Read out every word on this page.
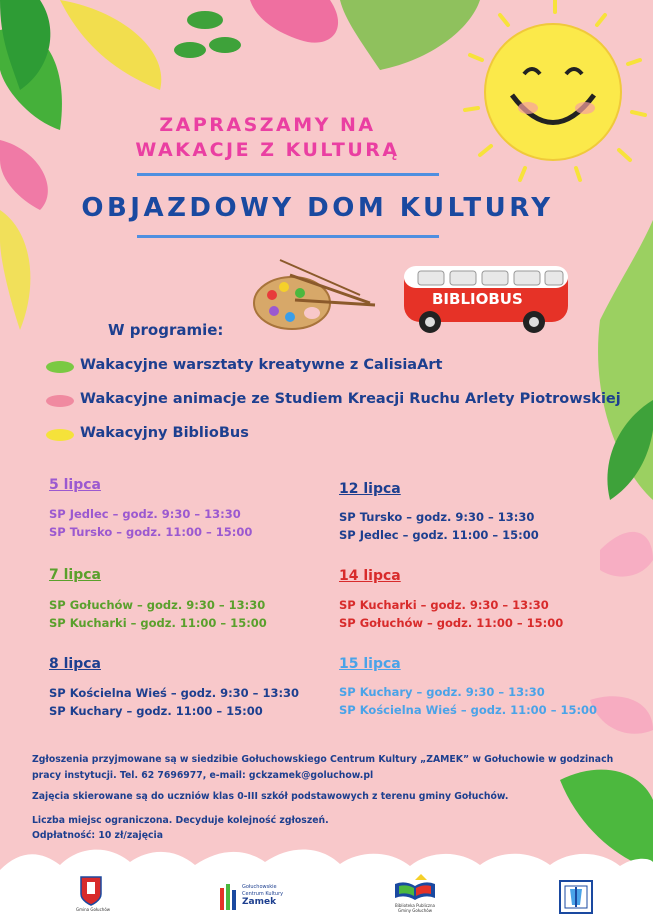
ZAPRASZAMY NA
WAKACJE Z KULTURĄ
OBJAZDOWY DOM KULTURY
BIBLIOBUS
W programie:
Wakacyjne warsztaty kreatywne z CalisiaArt
Wakacyjne animacje ze Studiem Kreacji Ruchu Arlety Piotrowskiej
Wakacyjny BiblioBus
5 lipca
SP Jedlec – godz. 9:30 – 13:30
SP Tursko – godz. 11:00 – 15:00
12 lipca
SP Tursko – godz. 9:30 – 13:30
SP Jedlec – godz. 11:00 – 15:00
7 lipca
SP Gołuchów – godz. 9:30 – 13:30
SP Kucharki – godz. 11:00 – 15:00
14 lipca
SP Kucharki – godz. 9:30 – 13:30
SP Gołuchów – godz. 11:00 – 15:00
8 lipca
SP Kościelna Wieś – godz. 9:30 – 13:30
SP Kuchary – godz. 11:00 – 15:00
15 lipca
SP Kuchary – godz. 9:30 – 13:30
SP Kościelna Wieś – godz. 11:00 – 15:00
Zgłoszenia przyjmowane są w siedzibie Gołuchowskiego Centrum Kultury „ZAMEK” w Gołuchowie w godzinach pracy instytucji. Tel. 62 7696977, e-mail: gckzamek@goluchow.pl
Zajęcia skierowane są do uczniów klas 0-III szkół podstawowych z terenu gminy Gołuchów.
Liczba miejsc ograniczona. Decyduje kolejność zgłoszeń.
Odpłatność: 10 zł/zajęcia
Gmina Gołuchów
Gołuchowskie
Centrum Kultury
Zamek	Biblioteka Publiczna
Gminy Gołuchów
